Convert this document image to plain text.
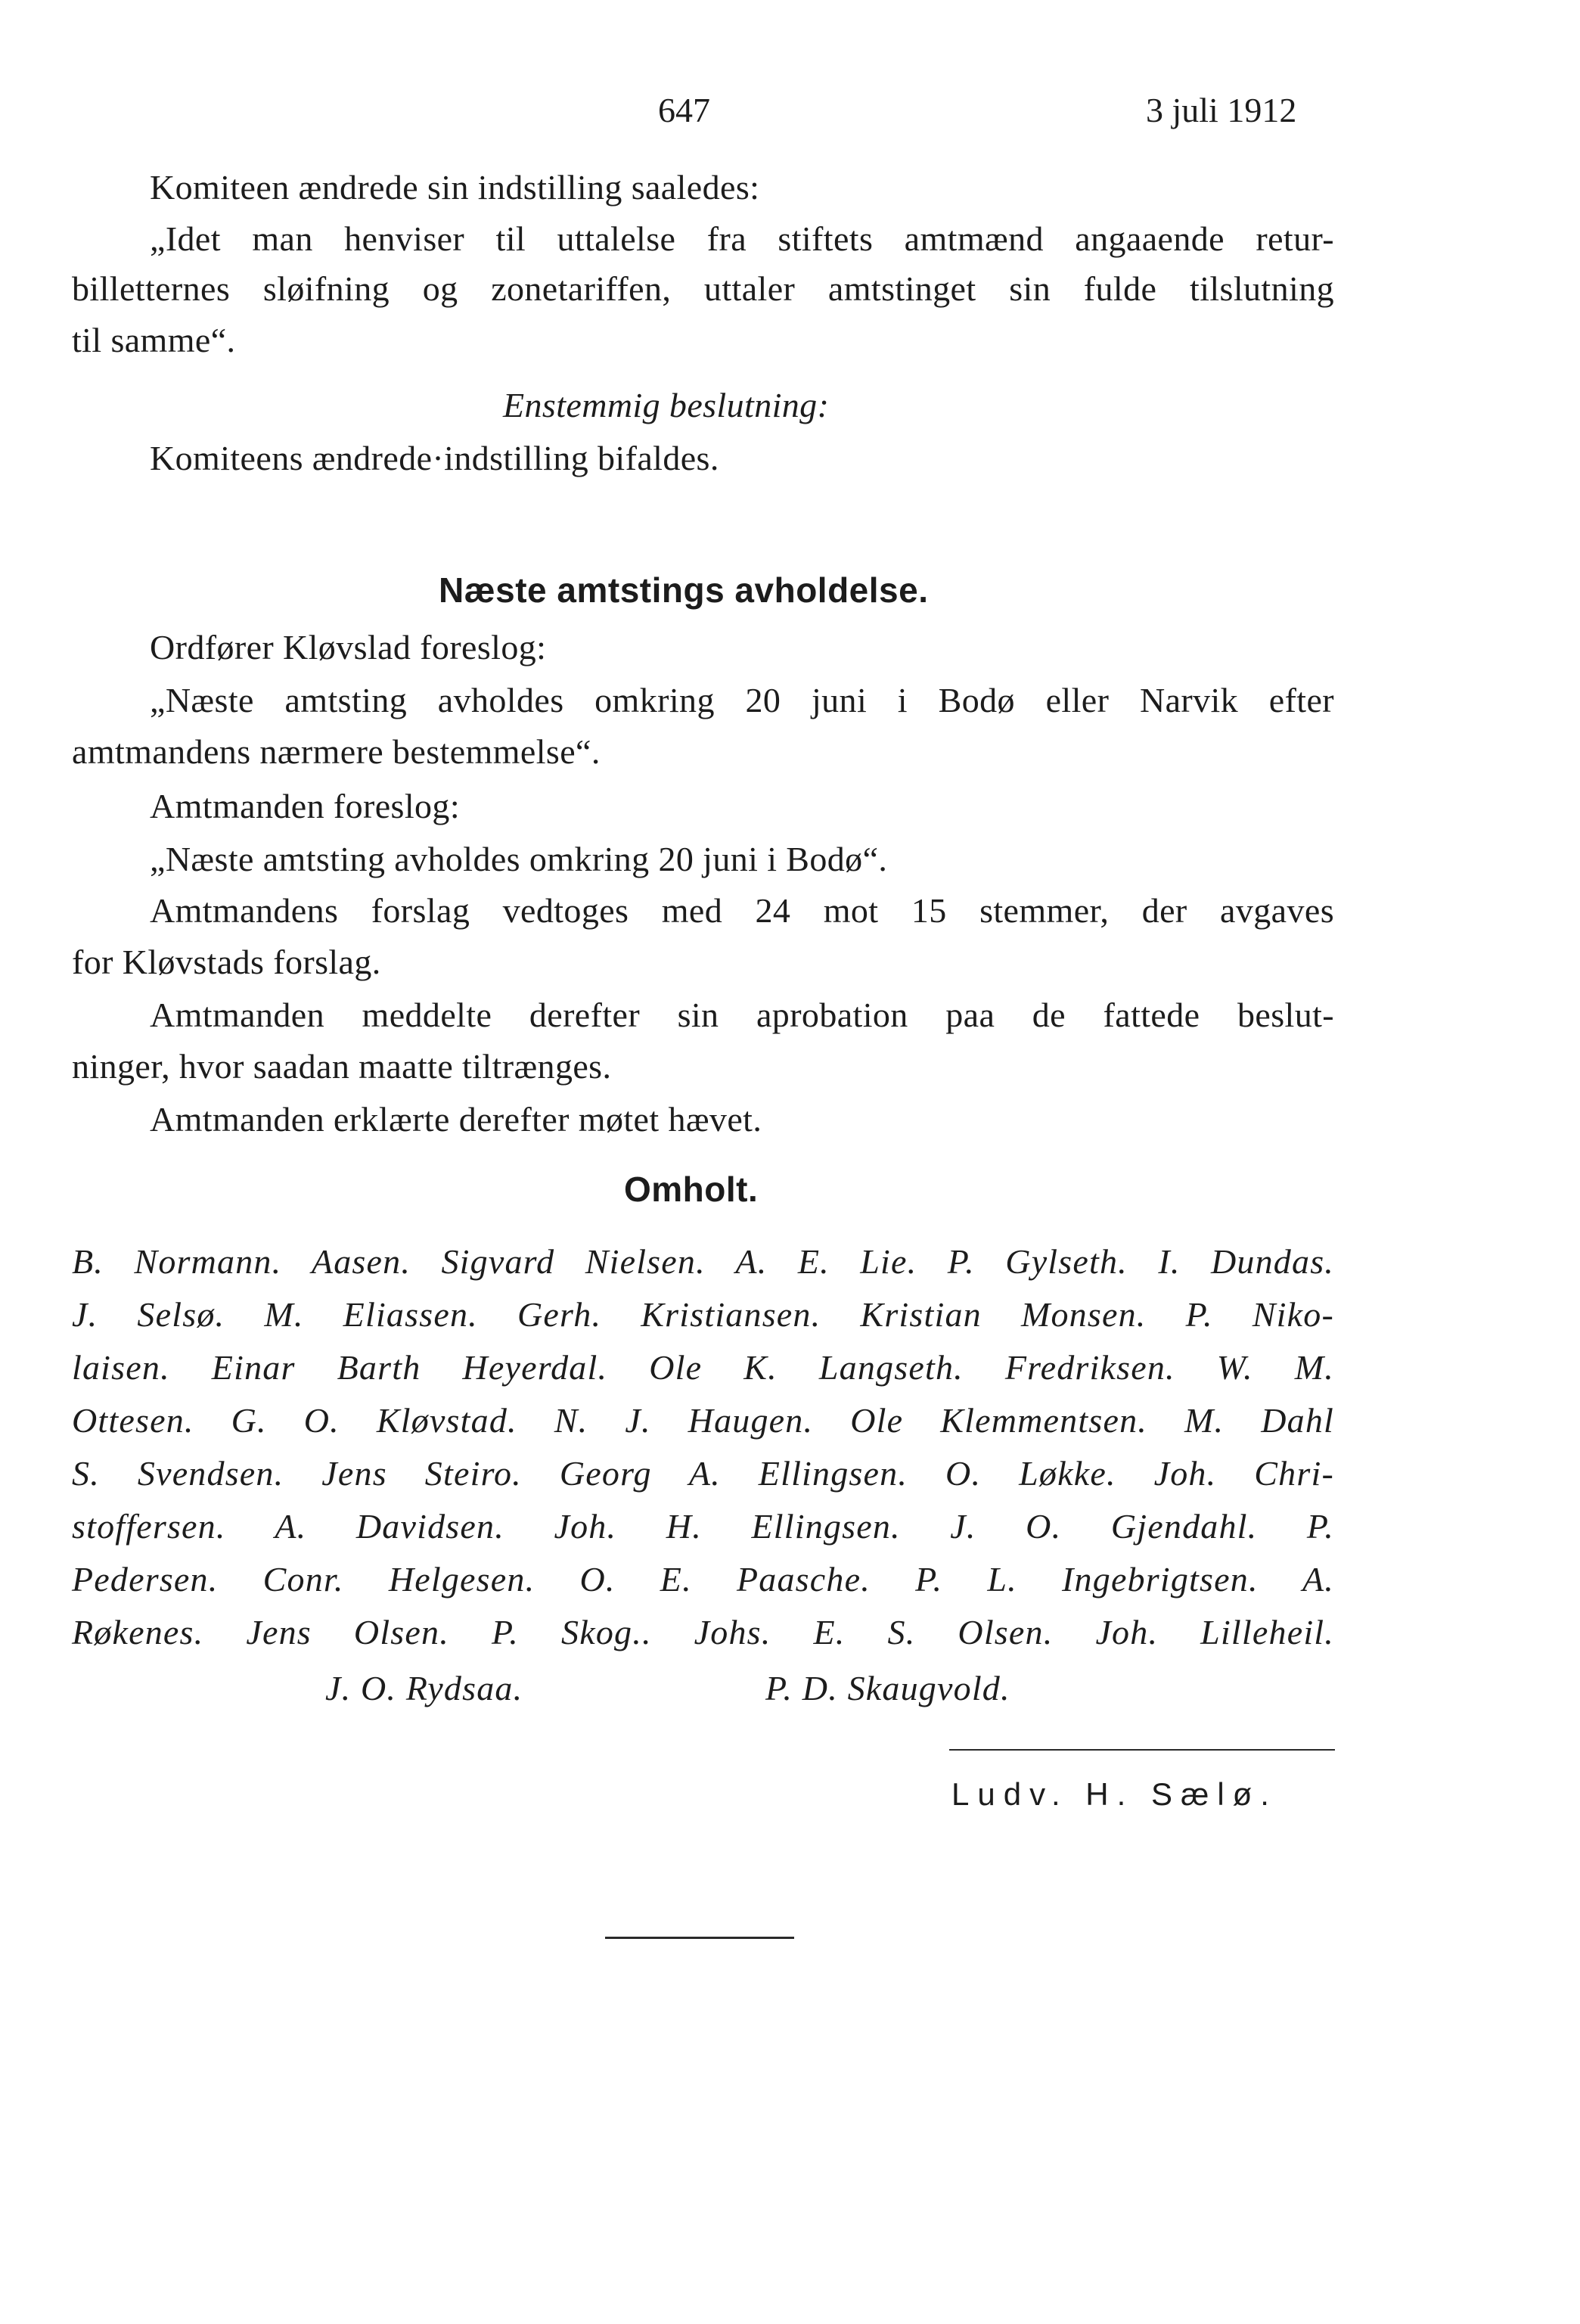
647	3 juli 1912
Komiteen ændrede sin indstilling saaledes:
„Idet man henviser til uttalelse fra stiftets amtmænd angaaende retur-
billetternes sløifning og zonetariffen, uttaler amtstinget sin fulde tilslutning
til samme“.
Enstemmig beslutning:
Komiteens ændrede·indstilling bifaldes.
Næste amtstings avholdelse.
Ordfører Kløvslad foreslog:
„Næste amtsting avholdes omkring 20 juni i Bodø eller Narvik efter
amtmandens nærmere bestemmelse“.
Amtmanden foreslog:
„Næste amtsting avholdes omkring 20 juni i Bodø“.
Amtmandens forslag vedtoges med 24 mot 15 stemmer, der avgaves
for Kløvstads forslag.
Amtmanden meddelte derefter sin aprobation paa de fattede beslut-
ninger, hvor saadan maatte tiltrænges.
Amtmanden erklærte derefter møtet hævet.
Omholt.
B. Normann. Aasen. Sigvard Nielsen. A. E. Lie. P. Gylseth. I. Dundas.
J. Selsø. M. Eliassen. Gerh. Kristiansen. Kristian Monsen. P. Niko-
laisen. Einar Barth Heyerdal. Ole K. Langseth. Fredriksen. W. M.
Ottesen. G. O. Kløvstad. N. J. Haugen. Ole Klemmentsen. M. Dahl
S. Svendsen. Jens Steiro. Georg A. Ellingsen. O. Løkke. Joh. Chri-
stoffersen. A. Davidsen. Joh. H. Ellingsen. J. O. Gjendahl. P.
Pedersen. Conr. Helgesen. O. E. Paasche. P. L. Ingebrigtsen. A.
Røkenes. Jens Olsen. P. Skog.. Johs. E. S. Olsen. Joh. Lilleheil.
J. O. Rydsaa.	P. D. Skaugvold.
Ludv. H. Sælø.
